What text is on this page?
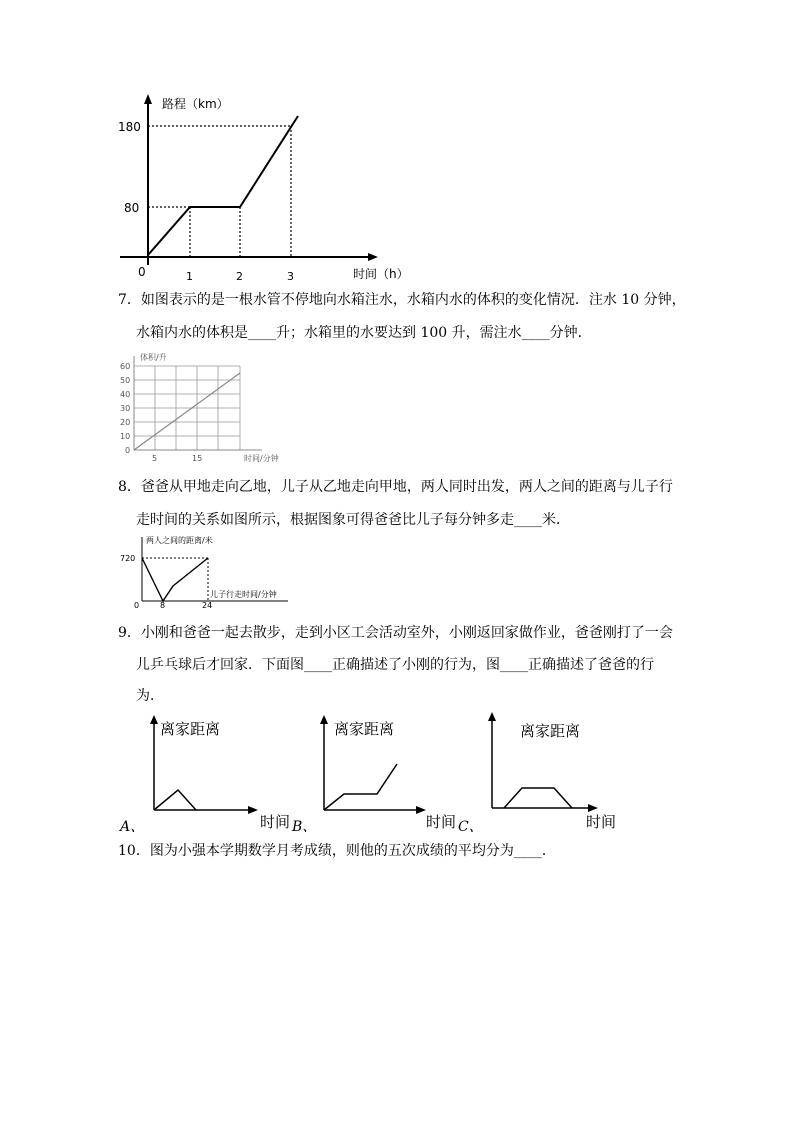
180
80
0	1	2	3
路程（km）
时间（h）
7．如图表示的是一根水管不停地向水箱注水，水箱内水的体积的变化情况．注水 10 分钟，
水箱内水的体积是____升；水箱里的水要达到 100 升，需注水____分钟．
60
50
40
30
20
10
0
5	15
体积/升
时间/分钟
8．爸爸从甲地走向乙地，儿子从乙地走向甲地，两人同时出发，两人之间的距离与儿子行
走时间的关系如图所示，根据图象可得爸爸比儿子每分钟多走____米．
两人之间的距离/米
720
0	8	24
儿子行走时间/分钟
9．小刚和爸爸一起去散步，走到小区工会活动室外，小刚返回家做作业，爸爸刚打了一会
儿乒乓球后才回家．下面图____正确描述了小刚的行为，图____正确描述了爸爸的行
为．
离家距离
时间
A、
离家距离
时间
B、
离家距离
时间
C、
10．图为小强本学期数学月考成绩，则他的五次成绩的平均分为____．
